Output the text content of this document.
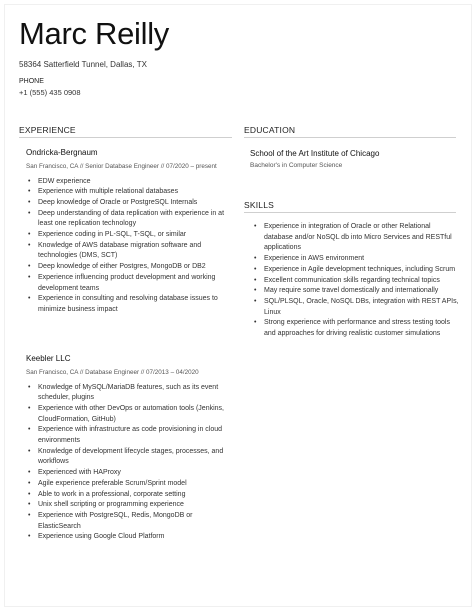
Marc Reilly
58364 Satterfield Tunnel, Dallas, TX
PHONE
+1 (555) 435 0908
EXPERIENCE
Ondricka-Bergnaum
San Francisco, CA // Senior Database Engineer // 07/2020 – present
• EDW experience
• Experience with multiple relational databases
• Deep knowledge of Oracle or PostgreSQL Internals
• Deep understanding of data replication with experience in at least one replication technology
• Experience coding in PL-SQL, T-SQL, or similar
• Knowledge of AWS database migration software and technologies (DMS, SCT)
• Deep knowledge of either Postgres, MongoDB or DB2
• Experience influencing product development and working development teams
• Experience in consulting and resolving database issues to minimize business impact
Keebler LLC
San Francisco, CA // Database Engineer // 07/2013 – 04/2020
• Knowledge of MySQL/MariaDB features, such as its event scheduler, plugins
• Experience with other DevOps or automation tools (Jenkins, CloudFormation, GitHub)
• Experience with infrastructure as code provisioning in cloud environments
• Knowledge of development lifecycle stages, processes, and workflows
• Experienced with HAProxy
• Agile experience preferable Scrum/Sprint model
• Able to work in a professional, corporate setting
• Unix shell scripting or programming experience
• Experience with PostgreSQL, Redis, MongoDB or ElasticSearch
• Experience using Google Cloud Platform
EDUCATION
School of the Art Institute of Chicago
Bachelor's in Computer Science
SKILLS
• Experience in integration of Oracle or other Relational database and/or NoSQL db into Micro Services and RESTful applications
• Experience in AWS environment
• Experience in Agile development techniques, including Scrum
• Excellent communication skills regarding technical topics
• May require some travel domestically and internationally
• SQL/PLSQL, Oracle, NoSQL DBs, integration with REST APIs, Linux
• Strong experience with performance and stress testing tools and approaches for driving realistic customer simulations
